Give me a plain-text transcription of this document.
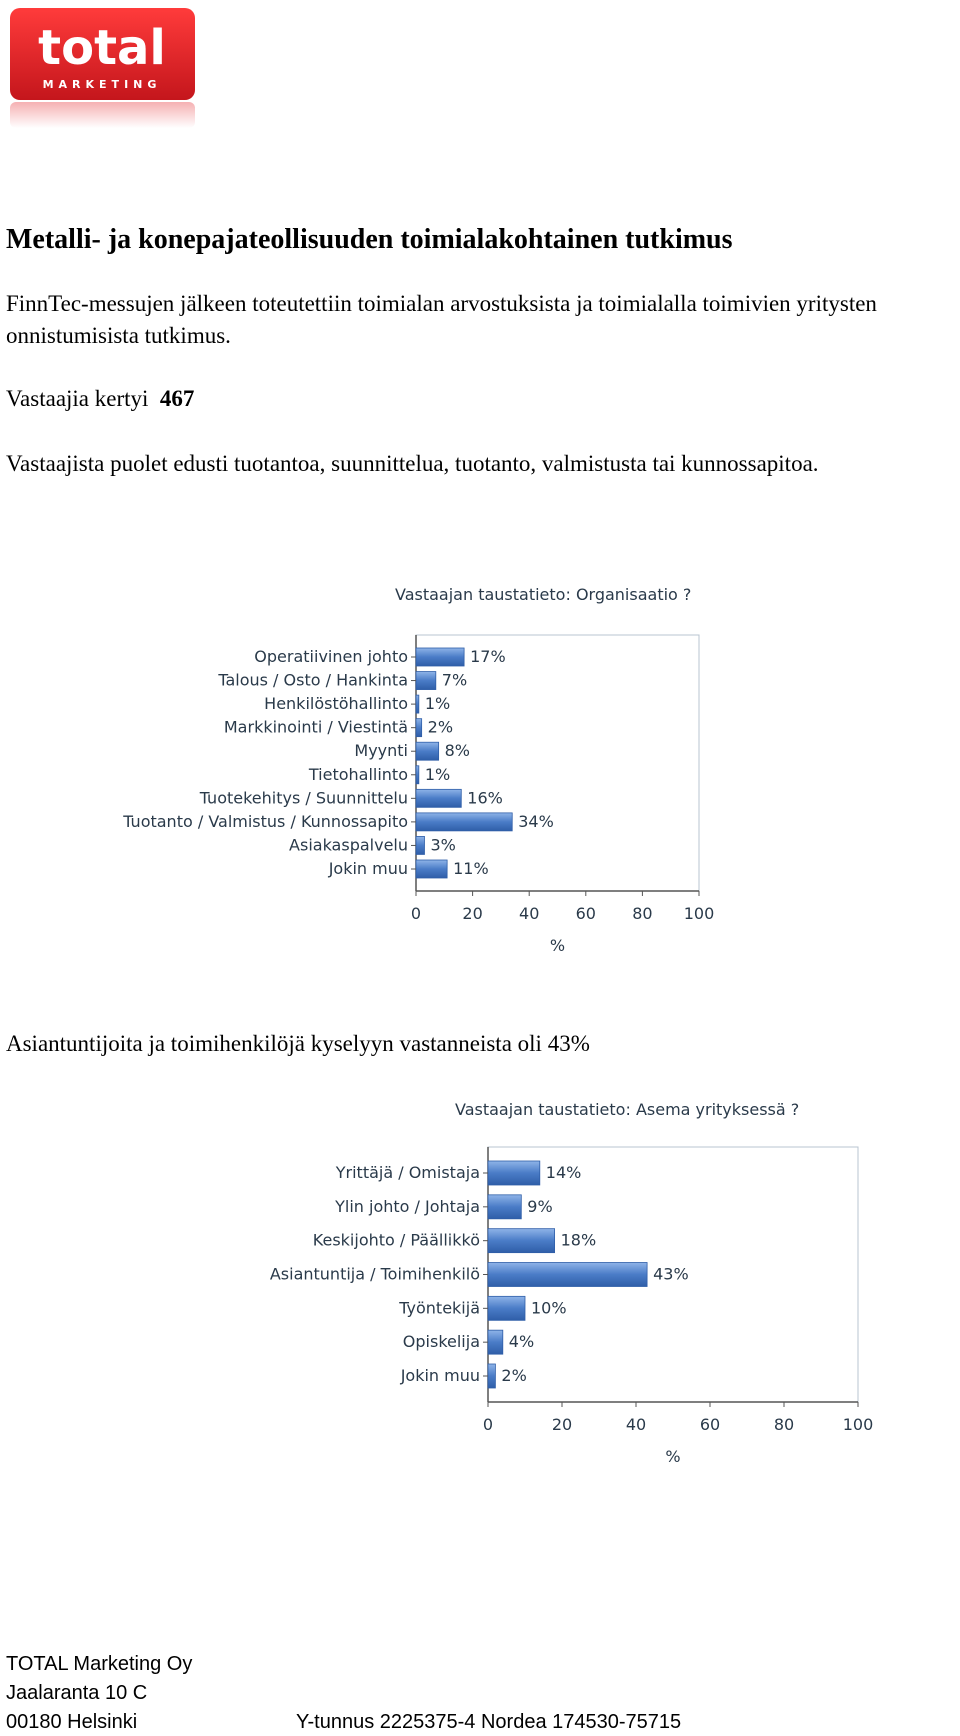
total
MARKETING
Metalli- ja konepajateollisuuden toimialakohtainen tutkimus

FinnTec-messujen jälkeen toteutettiin toimialan arvostuksista ja toimialalla toimivien yritysten onnistumisista tutkimus.

Vastaajia kertyi 467

Vastaajista puolet edusti tuotantoa, suunnittelua, tuotanto, valmistusta tai kunnossapitoa.

Vastaajan taustatieto: Organisaatio ?
Operatiivinen johto	17%
Talous / Osto / Hankinta 7%
Henkilöstöhallinto 1%
Markkinointi / Viestintä 2%
Myynti 8%
Tietohallinto 1%
Tuotekehitys / Suunnittelu	16%
Tuotanto / Valmistus / Kunnossapito	34%
Asiakaspalvelu 3%
Jokin muu	11%
0	20 40 60 80 100
%

Asiantuntijoita ja toimihenkilöjä kyselyyn vastanneista oli 43%

Vastaajan taustatieto: Asema yrityksessä ?
Yrittäjä / Omistaja	14%
Ylin johto / Johtaja	9%
Keskijohto / Päällikkö	18%
Asiantuntija / Toimihenkilö	43%
Työntekijä	10%
Opiskelija 4%
Jokin muu 2%
0	20	40	60	80	100
%
TOTAL Marketing Oy
Jaalaranta 10 C
00180 Helsinki	Y-tunnus 2225375-4 Nordea 174530-75715
